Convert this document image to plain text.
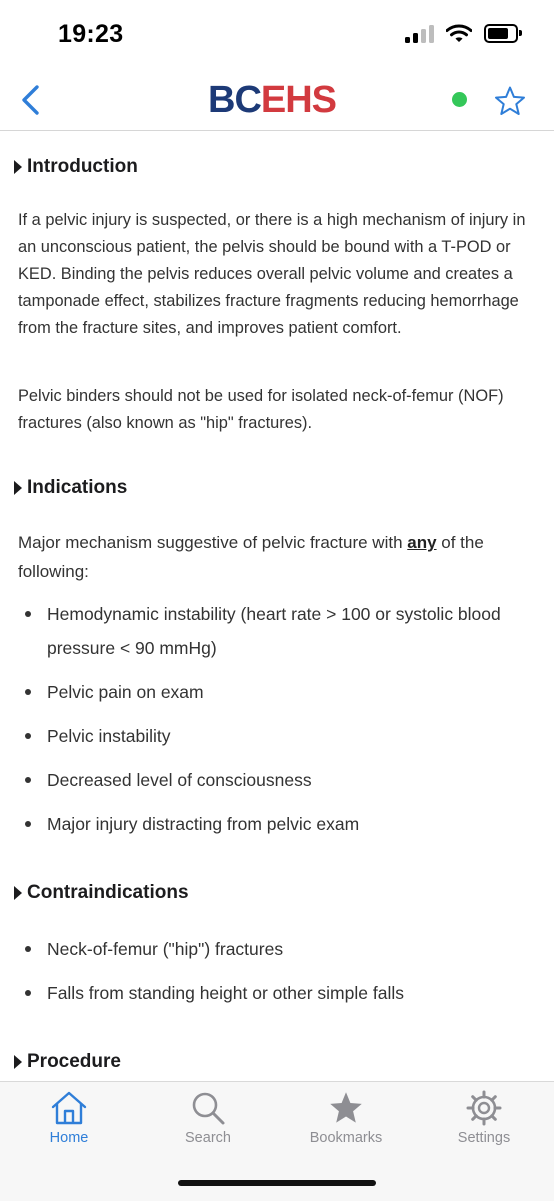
19:23
BCEHS
Introduction

If a pelvic injury is suspected, or there is a high mechanism of injury in an unconscious patient, the pelvis should be bound with a T-POD or KED. Binding the pelvis reduces overall pelvic volume and creates a tamponade effect, stabilizes fracture fragments reducing hemorrhage from the fracture sites, and improves patient comfort.

Pelvic binders should not be used for isolated neck-of-femur (NOF) fractures (also known as "hip" fractures).

Indications

Major mechanism suggestive of pelvic fracture with any of the following:

Hemodynamic instability (heart rate > 100 or systolic blood pressure < 90 mmHg)
Pelvic pain on exam
Pelvic instability
Decreased level of consciousness
Major injury distracting from pelvic exam
Contraindications
Neck-of-femur ("hip") fractures
Falls from standing height or other simple falls
Procedure
Home	Search	Bookmarks	Settings
